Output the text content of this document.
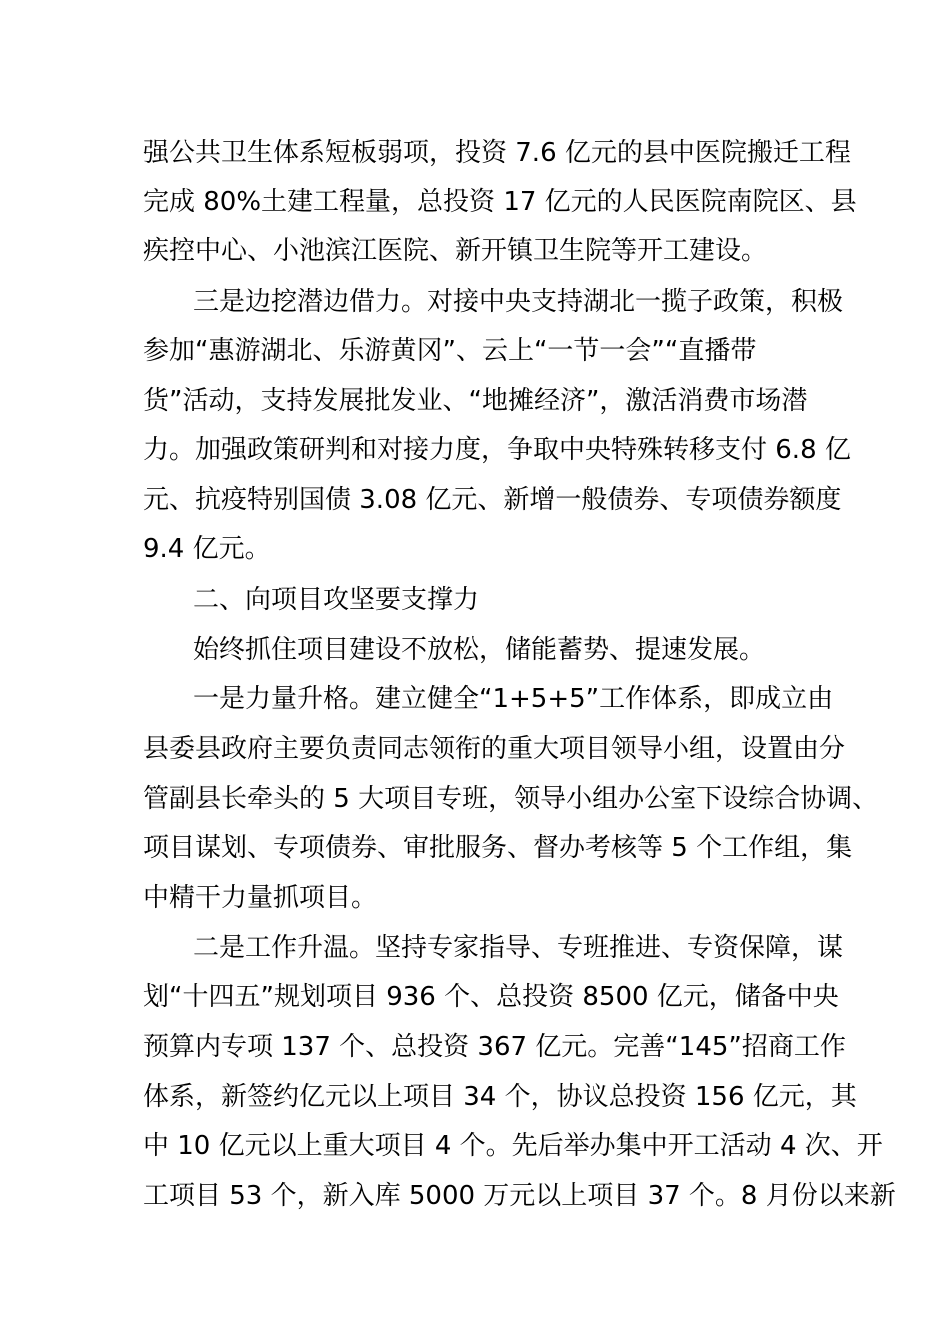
强公共卫生体系短板弱项，投资 7.6 亿元的县中医院搬迁工程
完成 80%土建工程量，总投资 17 亿元的人民医院南院区、县
疾控中心、小池滨江医院、新开镇卫生院等开工建设。
三是边挖潜边借力。对接中央支持湖北一揽子政策，积极
参加“惠游湖北、乐游黄冈”、云上“一节一会”“直播带
货”活动，支持发展批发业、“地摊经济”，激活消费市场潜
力。加强政策研判和对接力度，争取中央特殊转移支付 6.8 亿
元、抗疫特别国债 3.08 亿元、新增一般债券、专项债券额度
9.4 亿元。
二、向项目攻坚要支撑力
始终抓住项目建设不放松，储能蓄势、提速发展。
一是力量升格。建立健全“1+5+5”工作体系，即成立由
县委县政府主要负责同志领衔的重大项目领导小组，设置由分
管副县长牵头的 5 大项目专班，领导小组办公室下设综合协调、
项目谋划、专项债券、审批服务、督办考核等 5 个工作组，集
中精干力量抓项目。
二是工作升温。坚持专家指导、专班推进、专资保障，谋
划“十四五”规划项目 936 个、总投资 8500 亿元，储备中央
预算内专项 137 个、总投资 367 亿元。完善“145”招商工作
体系，新签约亿元以上项目 34 个，协议总投资 156 亿元，其
中 10 亿元以上重大项目 4 个。先后举办集中开工活动 4 次、开
工项目 53 个，新入库 5000 万元以上项目 37 个。8 月份以来新
